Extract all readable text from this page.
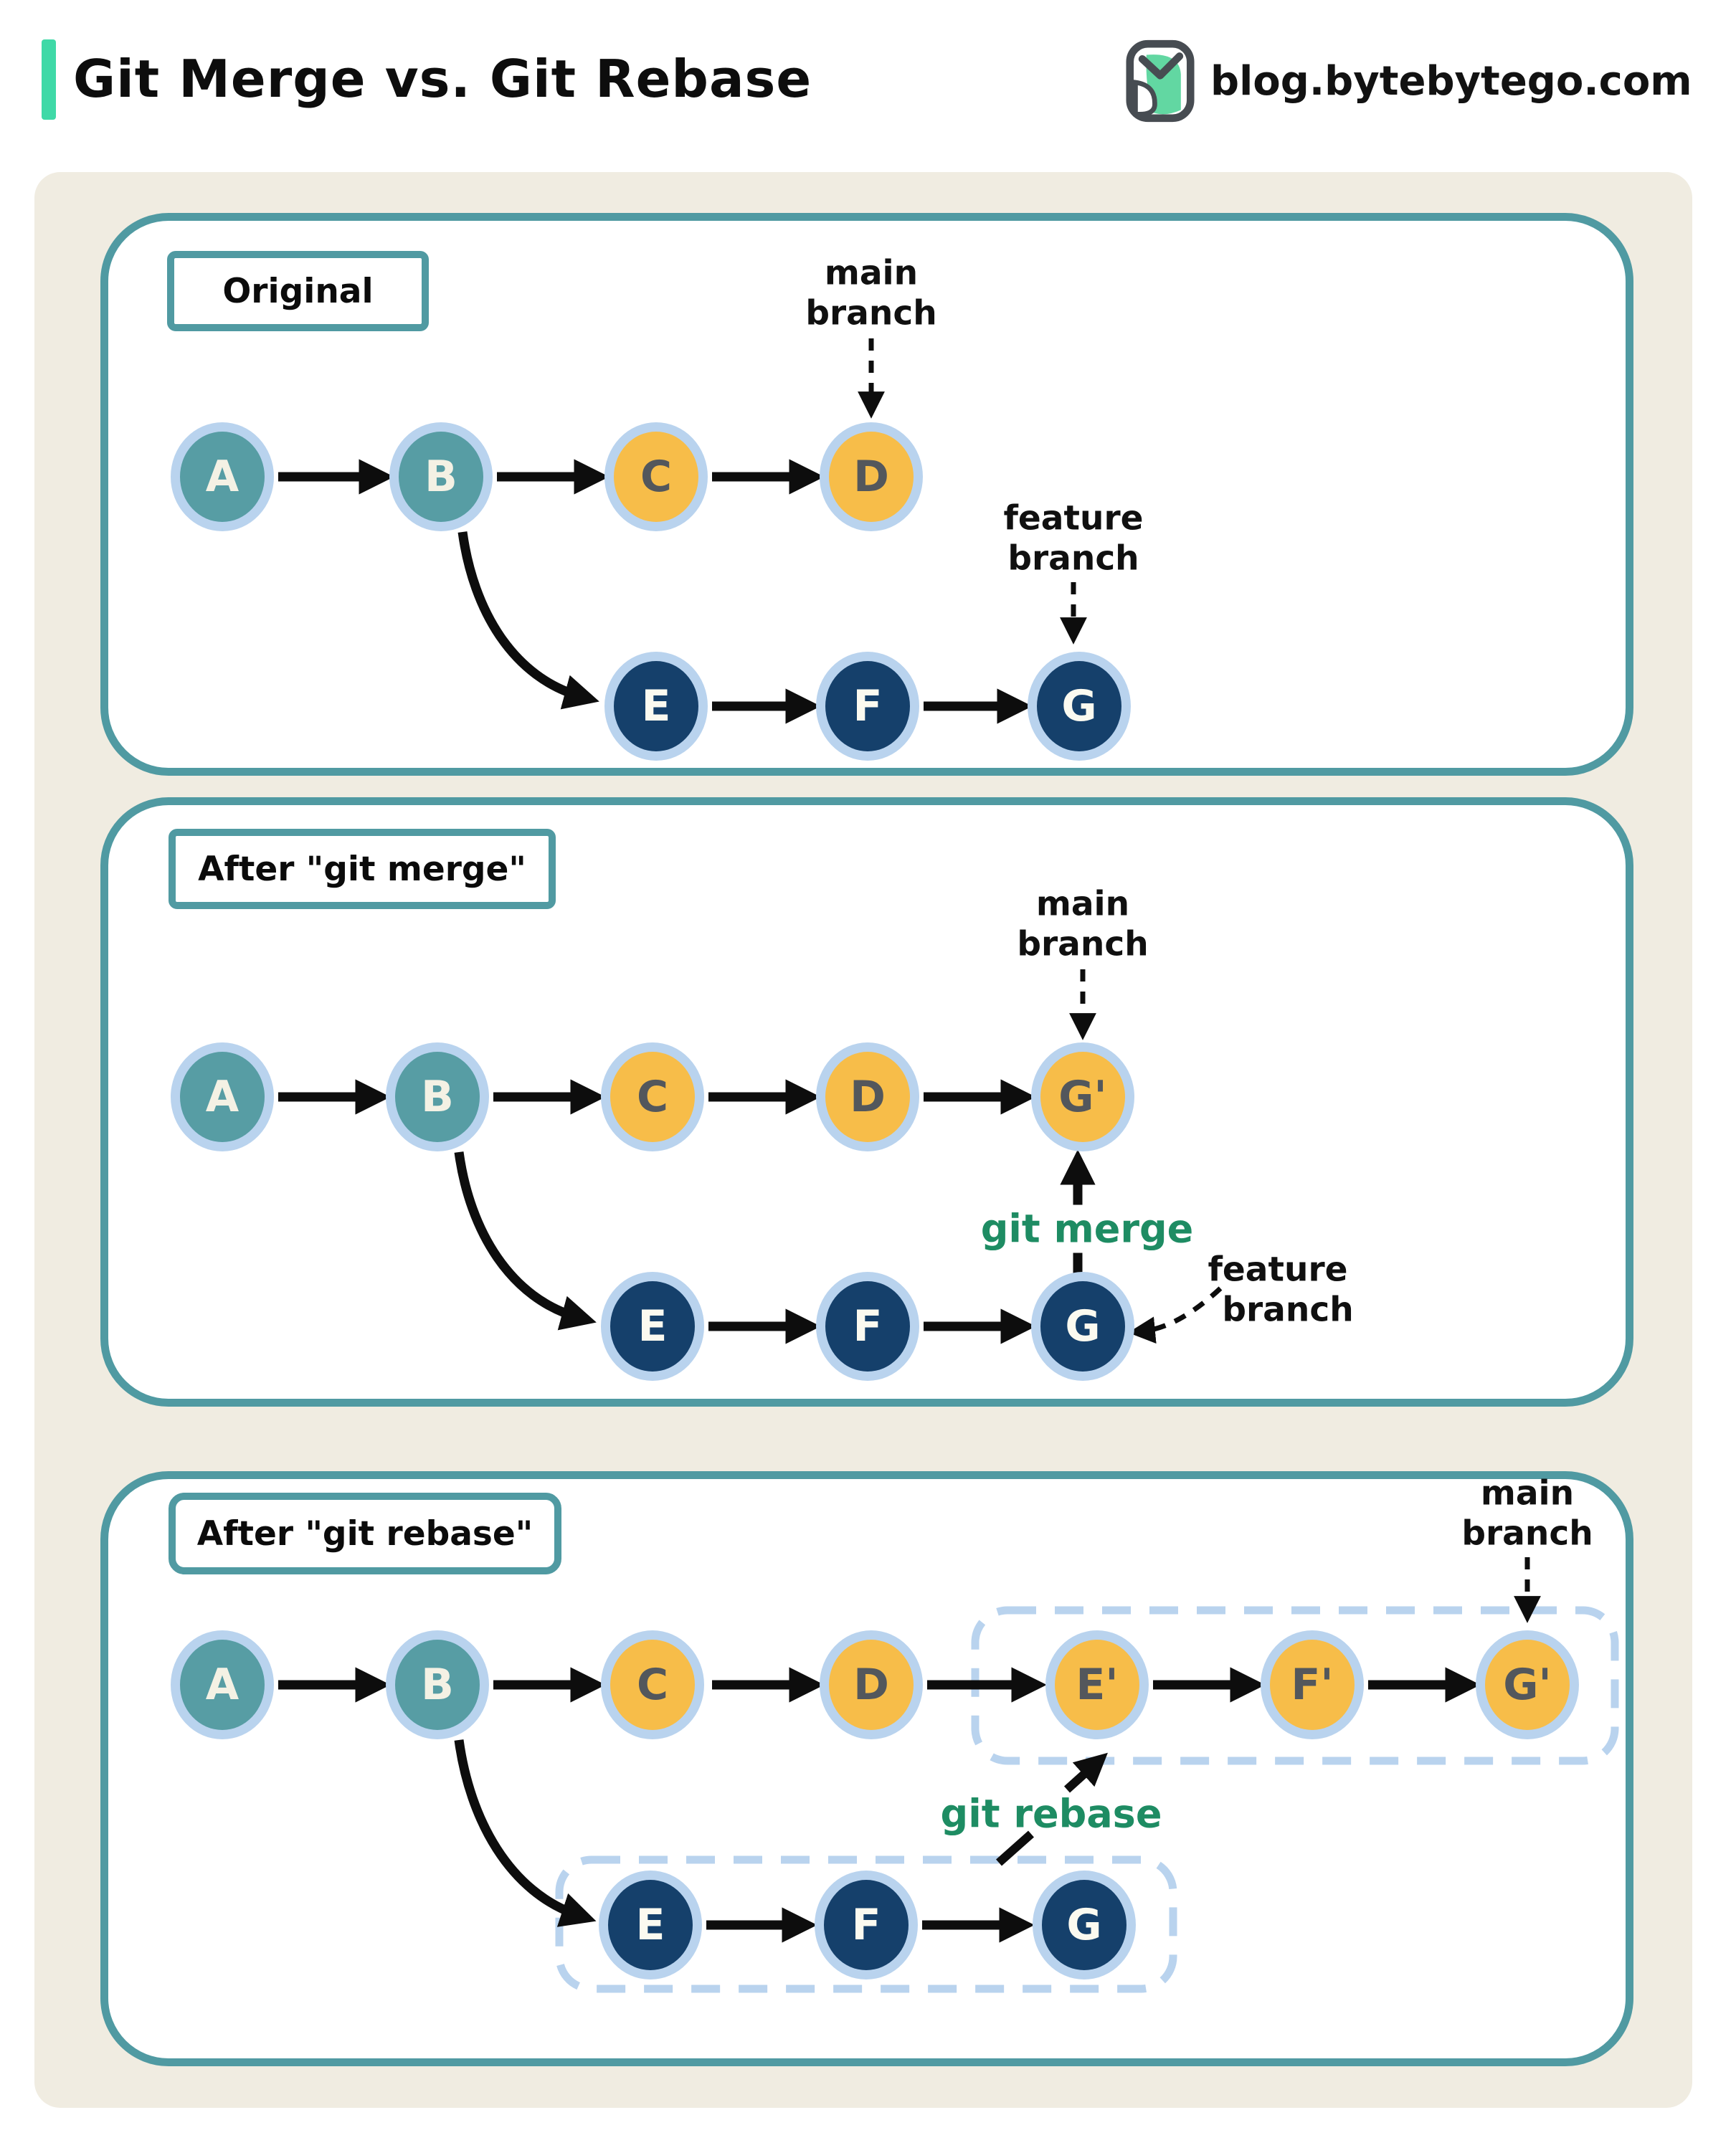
Git Merge vs. Git Rebase	blog.bytebytego.com
Original
After "git merge"
After "git rebase"
A	B	C	D
E	F	G
main
branch
feature
branch
A	B	C	D	G'
E	F	G
main
branch
git merge
feature
branch
A	B	C	D	E'	F'	G'
E	F	G
main
branch
git rebase
